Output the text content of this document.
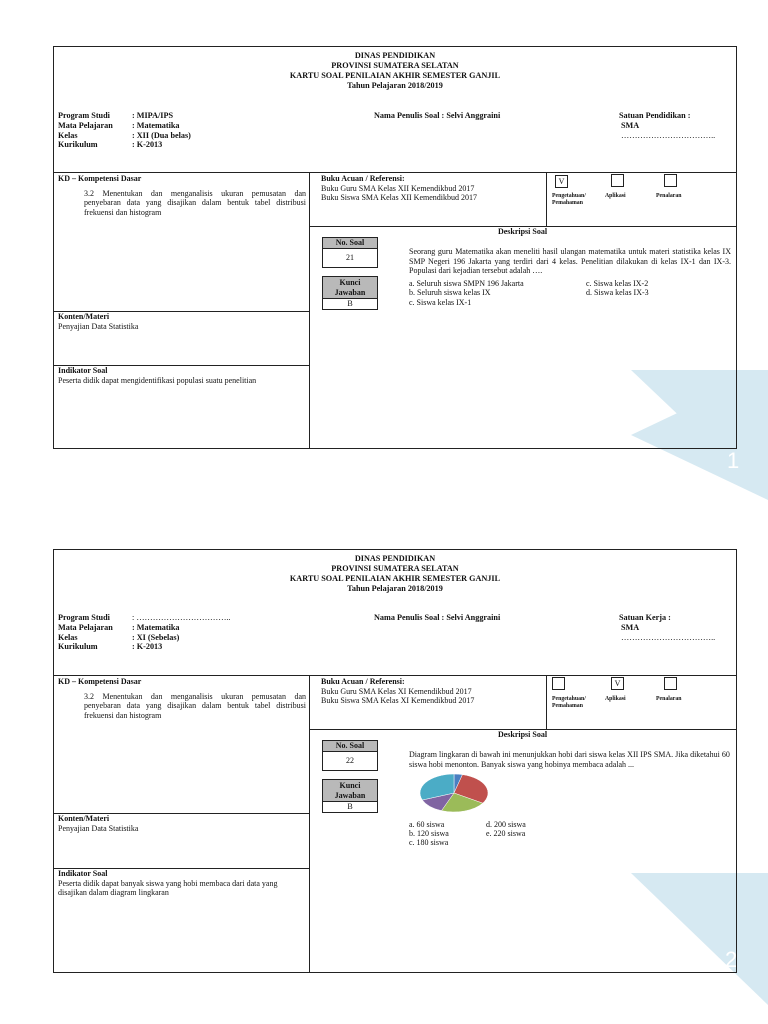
1
2
DINAS PENDIDIKAN
PROVINSI SUMATERA SELATAN
KARTU SOAL PENILAIAN AKHIR SEMESTER GANJIL
Tahun Pelajaran 2018/2019
Program Studi	: MIPA/IPS
Mata Pelajaran : Matematika
Kelas	: XII (Dua belas)
Kurikulum	: K-2013
Nama Penulis Soal : Selvi Anggraini	Satuan Pendidikan :
SMA
……………………………..
KD – Kompetensi Dasar
3.2 Menentukan dan menganalisis ukuran pemusatan dan penyebaran data yang disajikan dalam bentuk tabel distribusi frekuensi dan histogram
Konten/Materi
Penyajian Data Statistika
Indikator Soal
Peserta didik dapat mengidentifikasi populasi suatu penelitian
Buku Acuan / Referensi:
Buku Guru SMA Kelas XII Kemendikbud 2017
Buku Siswa SMA Kelas XII Kemendikbud 2017
V
Pengetahuan/ Pemahaman
Aplikasi	Penalaran
Deskripsi Soal
No. Soal
21
Kunci Jawaban
B
Seorang guru Matematika akan meneliti hasil ulangan matematika untuk materi statistika kelas IX SMP Negeri 196 Jakarta yang terdiri dari 4 kelas. Penelitian dilakukan di kelas IX-1 dan IX-3. Populasi dari kejadian tersebut adalah ….
a. Seluruh siswa SMPN 196 Jakarta
b. Seluruh siswa kelas IX
c. Siswa kelas IX-1
c. Siswa kelas IX-2
d. Siswa kelas IX-3
DINAS PENDIDIKAN
PROVINSI SUMATERA SELATAN
KARTU SOAL PENILAIAN AKHIR SEMESTER GANJIL
Tahun Pelajaran 2018/2019
Program Studi	: ……………………………..
Mata Pelajaran : Matematika
Kelas	: XI (Sebelas)
Kurikulum	: K-2013
Nama Penulis Soal : Selvi Anggraini	Satuan Kerja :
SMA
……………………………..
KD – Kompetensi Dasar
3.2 Menentukan dan menganalisis ukuran pemusatan dan penyebaran data yang disajikan dalam bentuk tabel distribusi frekuensi dan histogram
Konten/Materi
Penyajian Data Statistika
Indikator Soal
Peserta didik dapat banyak siswa yang hobi membaca dari data yang disajikan dalam diagram lingkaran
Buku Acuan / Referensi:
Buku Guru SMA Kelas XI Kemendikbud 2017
Buku Siswa SMA Kelas XI Kemendikbud 2017
V
Pengetahuan/ Pemahaman
Aplikasi	Penalaran
Deskripsi Soal
No. Soal
22
Kunci Jawaban
B
Diagram lingkaran di bawah ini menunjukkan hobi dari siswa kelas XII IPS SMA. Jika diketahui 60 siswa hobi menonton. Banyak siswa yang hobinya membaca adalah ...
a. 60 siswa
b. 120 siswa
c. 180 siswa
d. 200 siswa
e. 220 siswa
